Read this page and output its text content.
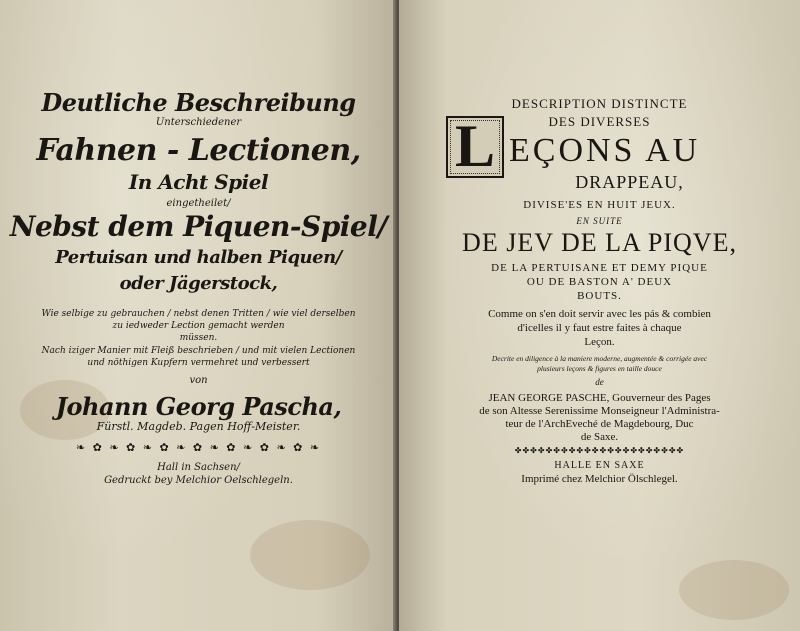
Deutliche Beschreibung
Unterschiedener
Fahnen - Lectionen,
In Acht Spiel
eingetheilet/
Nebst dem Piquen-Spiel/
Pertuisan und halben Piquen/
oder Jägerstock,
Wie selbige zu gebrauchen / nebst denen Tritten / wie viel derselben
zu iedweder Lection gemacht werden
müssen.
Nach iziger Manier mit Fleiß beschrieben / und mit vielen Lectionen
und nöthigen Kupfern vermehret und verbessert
von
Johann Georg Pascha,
Fürstl. Magdeb. Pagen Hoff-Meister.
❧ ✿ ❧ ✿ ❧ ✿ ❧ ✿ ❧ ✿ ❧ ✿ ❧ ✿ ❧
Hall in Sachsen/
Gedruckt bey Melchior Oelschlegeln.
DESCRIPTION DISTINCTE
DES DIVERSES
L EÇONS AU
DRAPPEAU,
DIVISE'ES EN HUIT JEUX.
EN SUITE
DE JEV DE LA PIQVE,
DE LA PERTUISANE ET DEMY PIQUE
OU DE BASTON A' DEUX
BOUTS.
Comme on s'en doit servir avec les pás & combien
d'icelles il y faut estre faites à chaque
Leçon.
Decrite en diligence à la maniere moderne, augmentée & corrigée avec
plusieurs leçons & figures en taille douce
de
JEAN GEORGE PASCHE, Gouverneur des Pages
de son Altesse Serenissime Monseigneur l'Administra-
teur de l'ArchEveché de Magdebourg, Duc
de Saxe.
✤✤✤✤✤✤✤✤✤✤✤✤✤✤✤✤✤✤✤✤✤✤
HALLE EN SAXE
Imprimé chez Melchior Ölschlegel.
